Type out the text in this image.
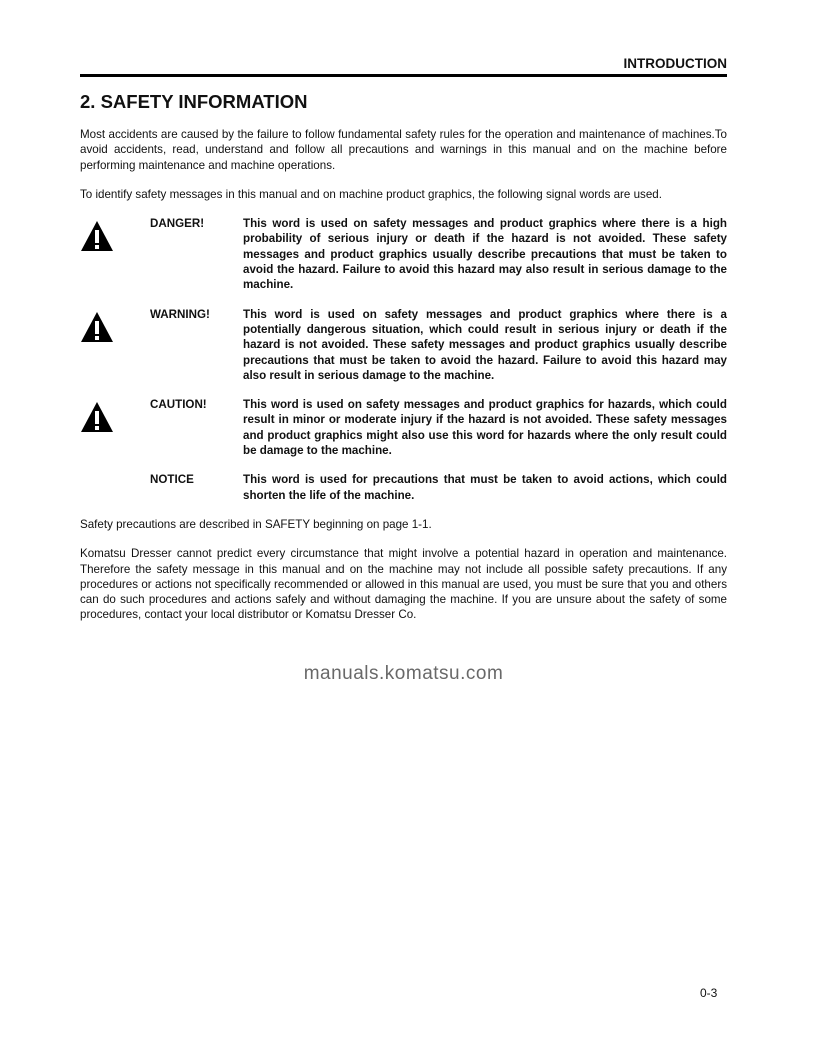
INTRODUCTION
2. SAFETY INFORMATION
Most accidents are caused by the failure to follow fundamental safety rules for the operation and maintenance of machines.To avoid accidents, read, understand and follow all precautions and warnings in this manual and on the machine before performing maintenance and machine operations.
To identify safety messages in this manual and on machine product graphics, the following signal words are used.
DANGER!	This word is used on safety messages and product graphics where there is a high probability of serious injury or death if the hazard is not avoided. These safety messages and product graphics usually describe precautions that must be taken to avoid the hazard. Failure to avoid this hazard may also result in serious damage to the machine.
WARNING!	This word is used on safety messages and product graphics where there is a potentially dangerous situation, which could result in serious injury or death if the hazard is not avoided. These safety messages and product graphics usually describe precautions that must be taken to avoid the hazard. Failure to avoid this hazard may also result in serious damage to the machine.
CAUTION!	This word is used on safety messages and product graphics for hazards, which could result in minor or moderate injury if the hazard is not avoided. These safety messages and product graphics might also use this word for hazards where the only result could be damage to the machine.
NOTICE	This word is used for precautions that must be taken to avoid actions, which could shorten the life of the machine.
Safety precautions are described in SAFETY beginning on page 1-1.
Komatsu Dresser cannot predict every circumstance that might involve a potential hazard in operation and maintenance. Therefore the safety message in this manual and on the machine may not include all possible safety precautions. If any procedures or actions not specifically recommended or allowed in this manual are used, you must be sure that you and others can do such procedures and actions safely and without damaging the machine. If you are unsure about the safety of some procedures, contact your local distributor or Komatsu Dresser Co.
manuals.komatsu.com
0-3
